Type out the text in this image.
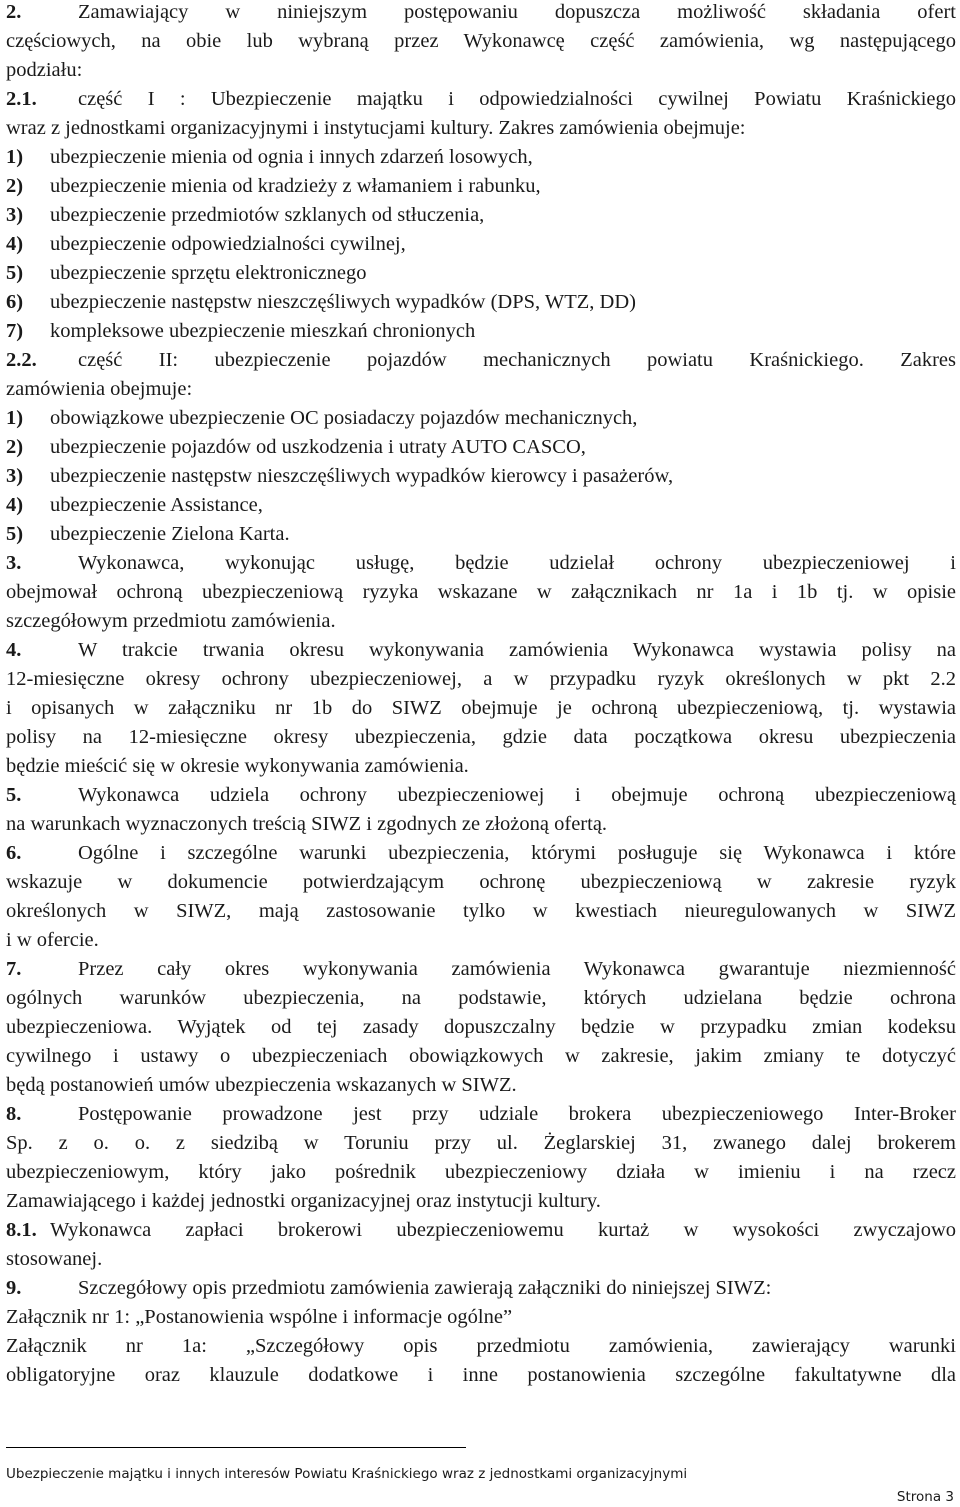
2.	Zamawiający w niniejszym postępowaniu dopuszcza możliwość składania ofert
częściowych, na obie lub wybraną przez Wykonawcę część zamówienia, wg następującego
podziału:
2.1. część I : Ubezpieczenie majątku i odpowiedzialności cywilnej Powiatu Kraśnickiego
wraz z jednostkami organizacyjnymi i instytucjami kultury. Zakres zamówienia obejmuje:
1) ubezpieczenie mienia od ognia i innych zdarzeń losowych,
2) ubezpieczenie mienia od kradzieży z włamaniem i rabunku,
3) ubezpieczenie przedmiotów szklanych od stłuczenia,
4) ubezpieczenie odpowiedzialności cywilnej,
5) ubezpieczenie sprzętu elektronicznego
6) ubezpieczenie następstw nieszczęśliwych wypadków (DPS, WTZ, DD)
7) kompleksowe ubezpieczenie mieszkań chronionych
2.2. część II: ubezpieczenie pojazdów mechanicznych powiatu Kraśnickiego. Zakres
zamówienia obejmuje:
1) obowiązkowe ubezpieczenie OC posiadaczy pojazdów mechanicznych,
2) ubezpieczenie pojazdów od uszkodzenia i utraty AUTO CASCO,
3) ubezpieczenie następstw nieszczęśliwych wypadków kierowcy i pasażerów,
4) ubezpieczenie Assistance,
5) ubezpieczenie Zielona Karta.
3.	Wykonawca, wykonując usługę, będzie udzielał ochrony ubezpieczeniowej i
obejmował ochroną ubezpieczeniową ryzyka wskazane w załącznikach nr 1a i 1b tj. w opisie
szczegółowym przedmiotu zamówienia.
4.	W trakcie trwania okresu wykonywania zamówienia Wykonawca wystawia polisy na
12-miesięczne okresy ochrony ubezpieczeniowej, a w przypadku ryzyk określonych w pkt 2.2
i opisanych w załączniku nr 1b do SIWZ obejmuje je ochroną ubezpieczeniową, tj. wystawia
polisy na 12-miesięczne okresy ubezpieczenia, gdzie data początkowa okresu ubezpieczenia
będzie mieścić się w okresie wykonywania zamówienia.
5.	Wykonawca udziela ochrony ubezpieczeniowej i obejmuje ochroną ubezpieczeniową
na warunkach wyznaczonych treścią SIWZ i zgodnych ze złożoną ofertą.
6.	Ogólne i szczególne warunki ubezpieczenia, którymi posługuje się Wykonawca i które
wskazuje w dokumencie potwierdzającym ochronę ubezpieczeniową w zakresie ryzyk
określonych w SIWZ, mają zastosowanie tylko w kwestiach nieuregulowanych w SIWZ
i w ofercie.
7.	Przez cały okres wykonywania zamówienia Wykonawca gwarantuje niezmienność
ogólnych warunków ubezpieczenia, na podstawie, których udzielana będzie ochrona
ubezpieczeniowa. Wyjątek od tej zasady dopuszczalny będzie w przypadku zmian kodeksu
cywilnego i ustawy o ubezpieczeniach obowiązkowych w zakresie, jakim zmiany te dotyczyć
będą postanowień umów ubezpieczenia wskazanych w SIWZ.
8.	Postępowanie prowadzone jest przy udziale brokera ubezpieczeniowego Inter-Broker
Sp. z o. o. z siedzibą w Toruniu przy ul. Żeglarskiej 31, zwanego dalej brokerem
ubezpieczeniowym, który jako pośrednik ubezpieczeniowy działa w imieniu i na rzecz
Zamawiającego i każdej jednostki organizacyjnej oraz instytucji kultury.
8.1. Wykonawca zapłaci brokerowi ubezpieczeniowemu kurtaż w wysokości zwyczajowo
stosowanej.
9.	Szczegółowy opis przedmiotu zamówienia zawierają załączniki do niniejszej SIWZ:
Załącznik nr 1: „Postanowienia wspólne i informacje ogólne”
Załącznik nr 1a: „Szczegółowy opis przedmiotu zamówienia, zawierający warunki
obligatoryjne oraz klauzule dodatkowe i inne postanowienia szczególne fakultatywne dla
Ubezpieczenie majątku i innych interesów Powiatu Kraśnickiego wraz z jednostkami organizacyjnymi
Strona 3
